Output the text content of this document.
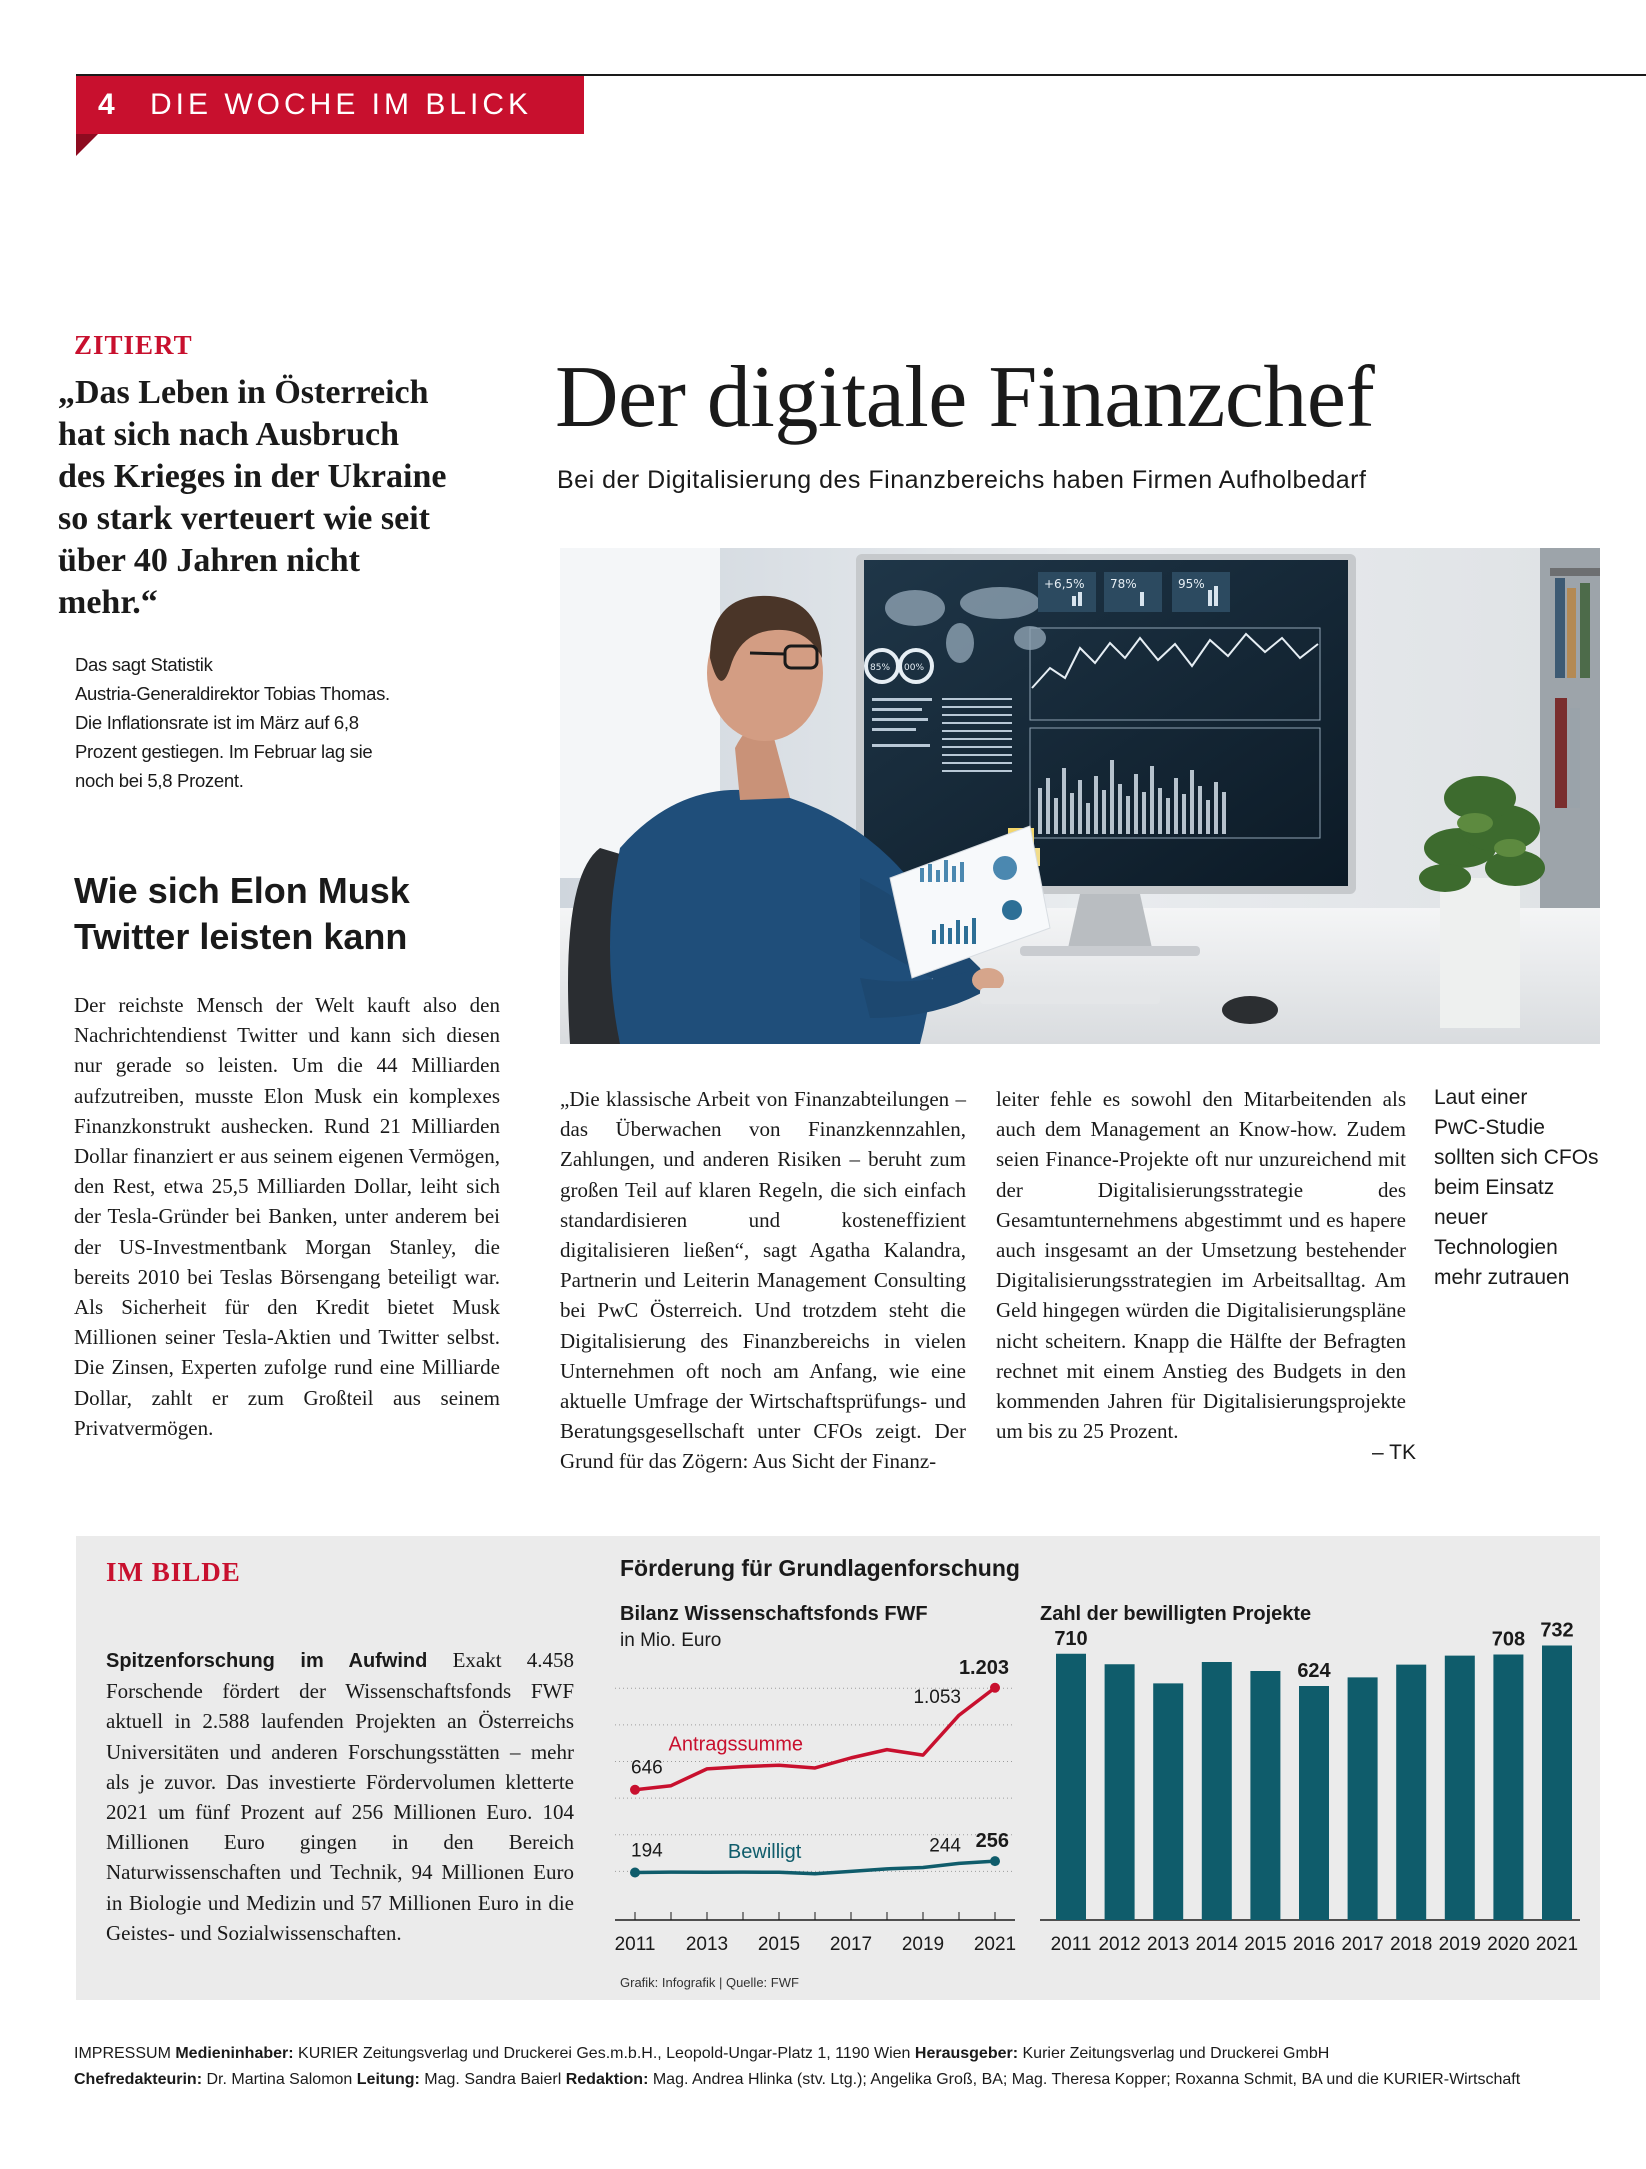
4 DIE WOCHE IM BLICK
ZITIERT
„Das Leben in Österreich
hat sich nach Ausbruch
des Krieges in der Ukraine
so stark verteuert wie seit
über 40 Jahren nicht
mehr.“
Das sagt Statistik
Austria-Generaldirektor Tobias Thomas.
Die Inflationsrate ist im März auf 6,8
Prozent gestiegen. Im Februar lag sie
noch bei 5,8 Prozent.
Wie sich Elon Musk
Twitter leisten kann
Der reichste Mensch der Welt kauft also den Nachrichtendienst Twitter und kann sich diesen nur gerade so leisten. Um die 44 Milliarden aufzutreiben, musste Elon Musk ein komplexes Finanzkonstrukt aushecken. Rund 21 Milliarden Dollar finanziert er aus seinem eigenen Vermögen, den Rest, etwa 25,5 Milliarden Dollar, leiht sich der Tesla-Gründer bei Banken, unter anderem bei der US-Investmentbank Morgan Stanley, die bereits 2010 bei Teslas Börsengang beteiligt war. Als Sicherheit für den Kredit bietet Musk Millionen seiner Tesla-Aktien und Twitter selbst. Die Zinsen, Experten zufolge rund eine Milliarde Dollar, zahlt er zum Großteil aus seinem Privatvermögen.
Der digitale Finanzchef
Bei der Digitalisierung des Finanzbereichs haben Firmen Aufholbedarf
+6,5% 78%	95%
85% 00%
„Die klassische Arbeit von Finanzabteilungen – das Überwachen von Finanzkennzahlen, Zahlungen, und anderen Risiken – beruht zum großen Teil auf klaren Regeln, die sich einfach standardisieren und kosteneffizient digitalisieren ließen“, sagt Agatha Kalandra, Partnerin und Leiterin Management Consulting bei PwC Österreich. Und trotzdem steht die Digitalisierung des Finanzbereichs in vielen Unternehmen oft noch am Anfang, wie eine aktuelle Umfrage der Wirtschaftsprüfungs- und Beratungsgesellschaft unter CFOs zeigt. Der Grund für das Zögern: Aus Sicht der Finanz-
leiter fehle es sowohl den Mitarbeitenden als auch dem Management an Know-how. Zudem seien Finance-Projekte oft nur unzureichend mit der Digitalisierungsstrategie des Gesamtunternehmens abgestimmt und es hapere auch insgesamt an der Umsetzung bestehender Digitalisierungsstrategien im Arbeitsalltag. Am Geld hingegen würden die Digitalisierungspläne nicht scheitern. Knapp die Hälfte der Befragten rechnet mit einem Anstieg des Budgets in den kommenden Jahren für Digitalisierungsprojekte um bis zu 25 Prozent.
– TK
Laut einer
PwC-Studie
sollten sich CFOs
beim Einsatz
neuer
Technologien
mehr zutrauen
IM BILDE
Spitzenforschung im Aufwind Exakt 4.458 Forschende fördert der Wissenschaftsfonds FWF aktuell in 2.588 laufenden Projekten an Österreichs Universitäten und anderen Forschungsstätten – mehr als je zuvor. Das investierte Fördervolumen kletterte 2021 um fünf Prozent auf 256 Millionen Euro. 104 Millionen Euro gingen in den Bereich Naturwissenschaften und Technik, 94 Millionen Euro in Biologie und Medizin und 57 Millionen Euro in die Geistes- und Sozialwissenschaften.
Förderung für Grundlagenforschung
Bilanz Wissenschaftsfonds FWF
in Mio. Euro
Zahl der bewilligten Projekte
2011 2013 2015 2017 2019 2021
646
1.053
1.203
Antragssumme
194	244 256
Bewilligt
2011
710
2012 2013 2014 2015 2016
624
2017 2018 2019 2020
708
2021
732
Grafik: Infografik | Quelle: FWF
IMPRESSUM Medieninhaber: KURIER Zeitungsverlag und Druckerei Ges.m.b.H., Leopold-Ungar-Platz 1, 1190 Wien Herausgeber: Kurier Zeitungsverlag und Druckerei GmbH
Chefredakteurin: Dr. Martina Salomon Leitung: Mag. Sandra Baierl Redaktion: Mag. Andrea Hlinka (stv. Ltg.); Angelika Groß, BA; Mag. Theresa Kopper; Roxanna Schmit, BA und die KURIER-Wirtschaft
